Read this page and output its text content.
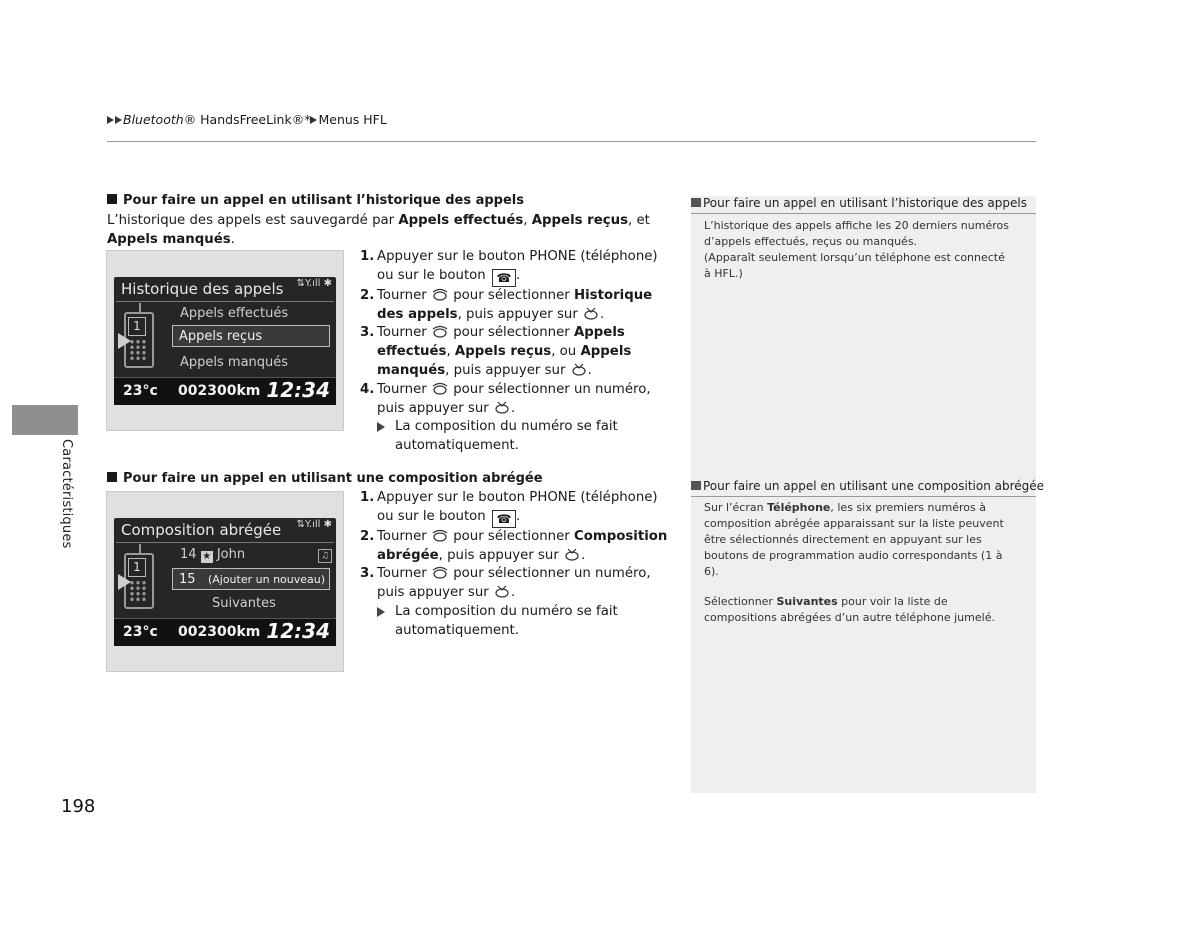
Bluetooth® HandsFreeLink®* Menus HFL
Caractéristiques
198
Pour faire un appel en utilisant l’historique des appels
L’historique des appels est sauvegardé par Appels effectués, Appels reçus, et Appels manqués.
Historique des appels ⇅Y.ıll ✱
1
Appels effectués
Appels reçus
Appels manqués
23°c 002300km 12:34
1. Appuyer sur le bouton PHONE (téléphone) ou sur le bouton ☎ .
2. Tourner pour sélectionner Historique des appels, puis appuyer sur .
3. Tourner pour sélectionner Appels effectués, Appels reçus, ou Appels manqués, puis appuyer sur .
4. Tourner pour sélectionner un numéro, puis appuyer sur .
La composition du numéro se fait automatiquement.
Pour faire un appel en utilisant une composition abrégée
Composition abrégée ⇅Y.ıll ✱
1
14 ★ John	♫
15 (Ajouter un nouveau)
Suivantes
23°c 002300km 12:34
1. Appuyer sur le bouton PHONE (téléphone) ou sur le bouton ☎ .
2. Tourner pour sélectionner Composition abrégée, puis appuyer sur .
3. Tourner pour sélectionner un numéro, puis appuyer sur .
La composition du numéro se fait automatiquement.
Pour faire un appel en utilisant l’historique des appels
L’historique des appels affiche les 20 derniers numéros d’appels effectués, reçus ou manqués.
(Apparaît seulement lorsqu’un téléphone est connecté à HFL.)
Pour faire un appel en utilisant une composition abrégée
Sur l’écran Téléphone, les six premiers numéros à composition abrégée apparaissant sur la liste peuvent être sélectionnés directement en appuyant sur les boutons de programmation audio correspondants (1 à 6).
Sélectionner Suivantes pour voir la liste de compositions abrégées d’un autre téléphone jumelé.
